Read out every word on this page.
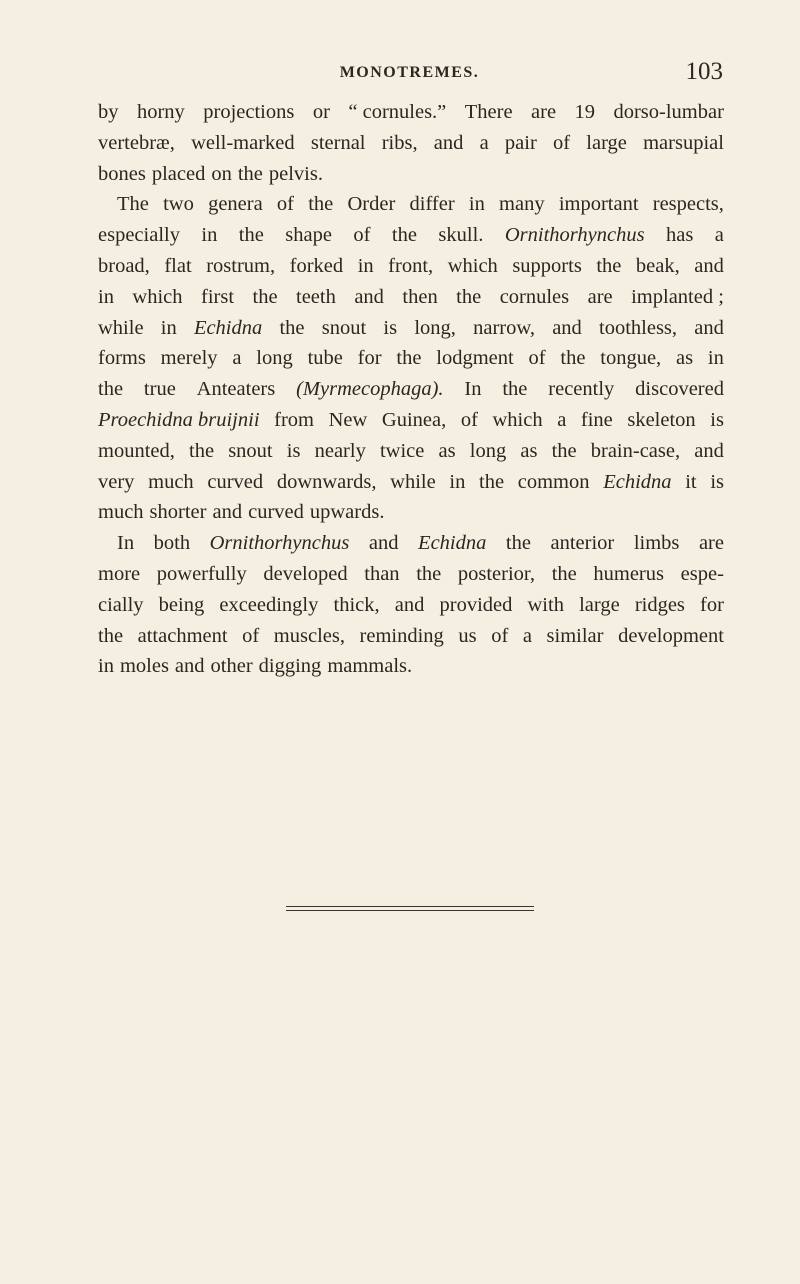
MONOTREMES.	103
by horny projections or “ cornules.” There are 19 dorso-lumbar
vertebræ, well-marked sternal ribs, and a pair of large marsupial
bones placed on the pelvis.
The two genera of the Order differ in many important respects,
especially in the shape of the skull. Ornithorhynchus has a
broad, flat rostrum, forked in front, which supports the beak, and
in which first the teeth and then the cornules are implanted ;
while in Echidna the snout is long, narrow, and toothless, and
forms merely a long tube for the lodgment of the tongue, as in
the true Anteaters (Myrmecophaga). In the recently discovered
Proechidna bruijnii from New Guinea, of which a fine skeleton is
mounted, the snout is nearly twice as long as the brain-case, and
very much curved downwards, while in the common Echidna it is
much shorter and curved upwards.
In both Ornithorhynchus and Echidna the anterior limbs are
more powerfully developed than the posterior, the humerus espe-
cially being exceedingly thick, and provided with large ridges for
the attachment of muscles, reminding us of a similar development
in moles and other digging mammals.
